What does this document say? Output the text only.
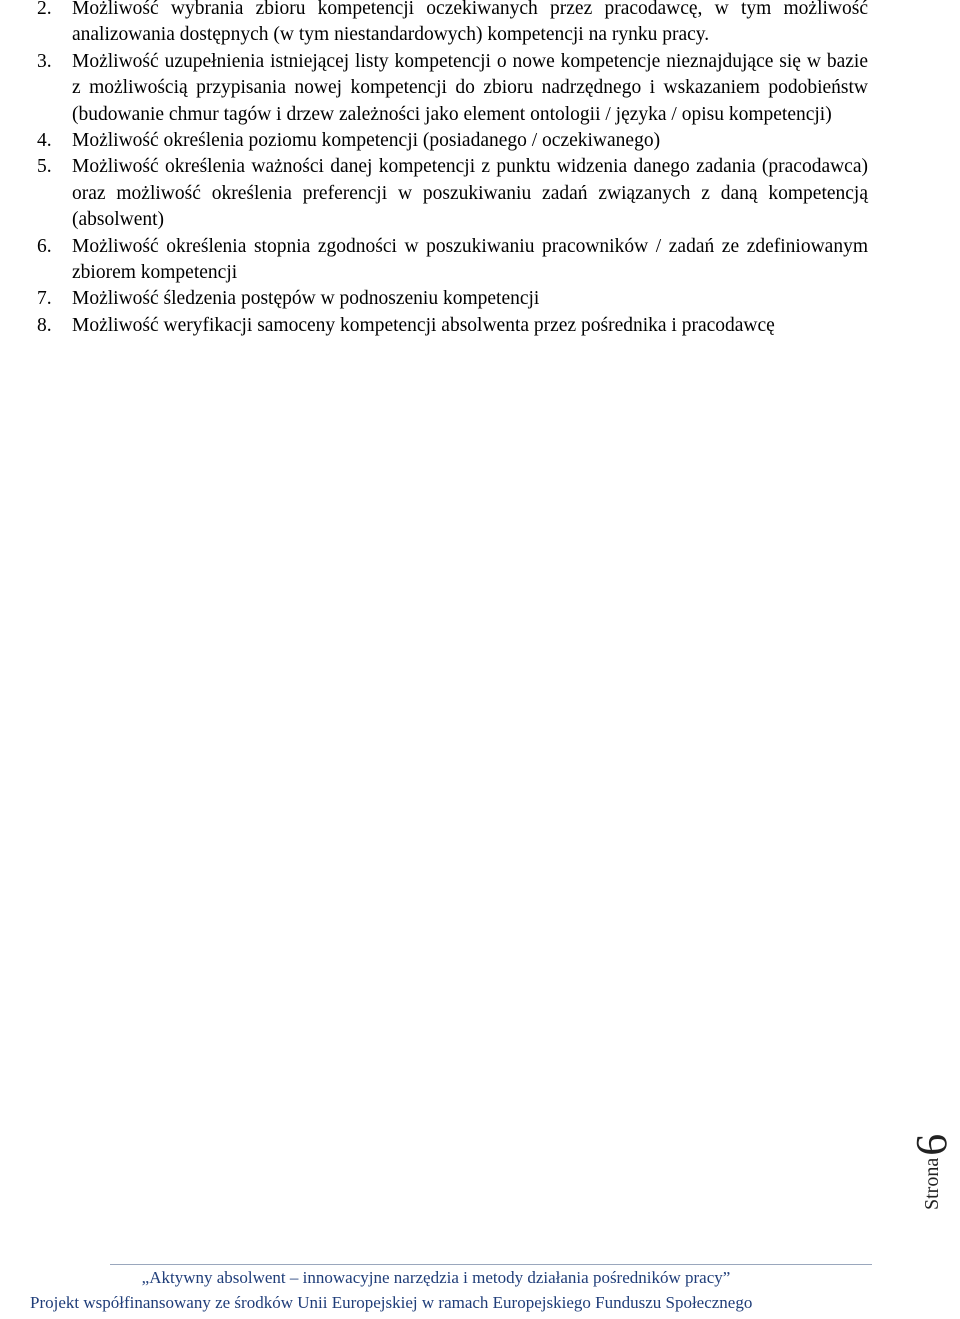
2. Możliwość wybrania zbioru kompetencji oczekiwanych przez pracodawcę, w tym możliwość analizowania dostępnych (w tym niestandardowych) kompetencji na rynku pracy.
3. Możliwość uzupełnienia istniejącej listy kompetencji o nowe kompetencje nieznajdujące się w bazie z możliwością przypisania nowej kompetencji do zbioru nadrzędnego i wskazaniem podobieństw (budowanie chmur tagów i drzew zależności jako element ontologii / języka / opisu kompetencji)
4. Możliwość określenia poziomu kompetencji (posiadanego / oczekiwanego)
5. Możliwość określenia ważności danej kompetencji z punktu widzenia danego zadania (pracodawca) oraz możliwość określenia preferencji w poszukiwaniu zadań związanych z daną kompetencją (absolwent)
6. Możliwość określenia stopnia zgodności w poszukiwaniu pracowników / zadań ze zdefiniowanym zbiorem kompetencji
7. Możliwość śledzenia postępów w podnoszeniu kompetencji
8. Możliwość weryfikacji samoceny kompetencji absolwenta przez pośrednika i pracodawcę
Strona
6
„Aktywny absolwent – innowacyjne narzędzia i metody działania pośredników pracy”
Projekt współfinansowany ze środków Unii Europejskiej w ramach Europejskiego Funduszu Społecznego
